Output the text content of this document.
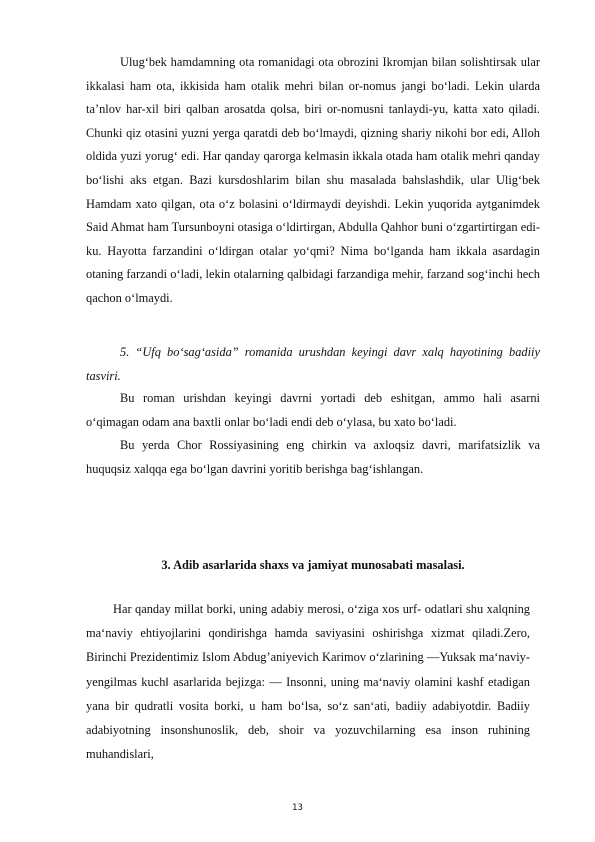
Ulug‘bek hamdamning ota romanidagi ota obrozini Ikromjan bilan solishtirsak ular ikkalasi ham ota, ikkisida ham otalik mehri bilan or-nomus jangi bo‘ladi. Lekin ularda ta’nlov har-xil biri qalban arosatda qolsa, biri or-nomusni tanlaydi-yu, katta xato qiladi. Chunki qiz otasini yuzni yerga qaratdi deb bo‘lmaydi, qizning shariy nikohi bor edi, Alloh oldida yuzi yorug‘ edi. Har qanday qarorga kelmasin ikkala otada ham otalik mehri qanday bo‘lishi aks etgan. Bazi kursdoshlarim bilan shu masalada bahslashdik, ular Ulig‘bek Hamdam xato qilgan, ota o‘z bolasini o‘ldirmaydi deyishdi. Lekin yuqorida aytganimdek Said Ahmat ham Tursunboyni otasiga o‘ldirtirgan, Abdulla Qahhor buni o‘zgartirtirgan edi-ku. Hayotta farzandini o‘ldirgan otalar yo‘qmi? Nima bo‘lganda ham ikkala asardagin otaning farzandi o‘ladi, lekin otalarning qalbidagi farzandiga mehir, farzand sog‘inchi hech qachon o‘lmaydi.

5. “Ufq bo‘sag‘asida” romanida urushdan keyingi davr xalq hayotining badiiy tasviri.

Bu roman urishdan keyingi davrni yortadi deb eshitgan, ammo hali asarni o‘qimagan odam ana baxtli onlar bo‘ladi endi deb o‘ylasa, bu xato bo‘ladi.

Bu yerda Chor Rossiyasining eng chirkin va axloqsiz davri, marifatsizlik va huquqsiz xalqqa ega bo‘lgan davrini yoritib berishga bag‘ishlangan.

3. Adib asarlarida shaxs va jamiyat munosabati masalasi.

Har qanday millat borki, uning adabiy merosi, o‘ziga xos urf- odatlari shu xalqning ma‘naviy ehtiyojlarini qondirishga hamda saviyasini oshirishga xizmat qiladi.Zero, Birinchi Prezidentimiz Islom Abdug’aniyevich Karimov o‘zlarining ―Yuksak ma‘naviy- yengilmas kuch‖ asarlarida bejizga: ― Insonni, uning ma‘naviy olamini kashf etadigan yana bir qudratli vosita borki, u ham bo‘lsa, so‘z san‘ati, badiiy adabiyotdir. Badiiy adabiyotning insonshunoslik, deb, shoir va yozuvchilarning esa inson ruhining muhandislari,

13
